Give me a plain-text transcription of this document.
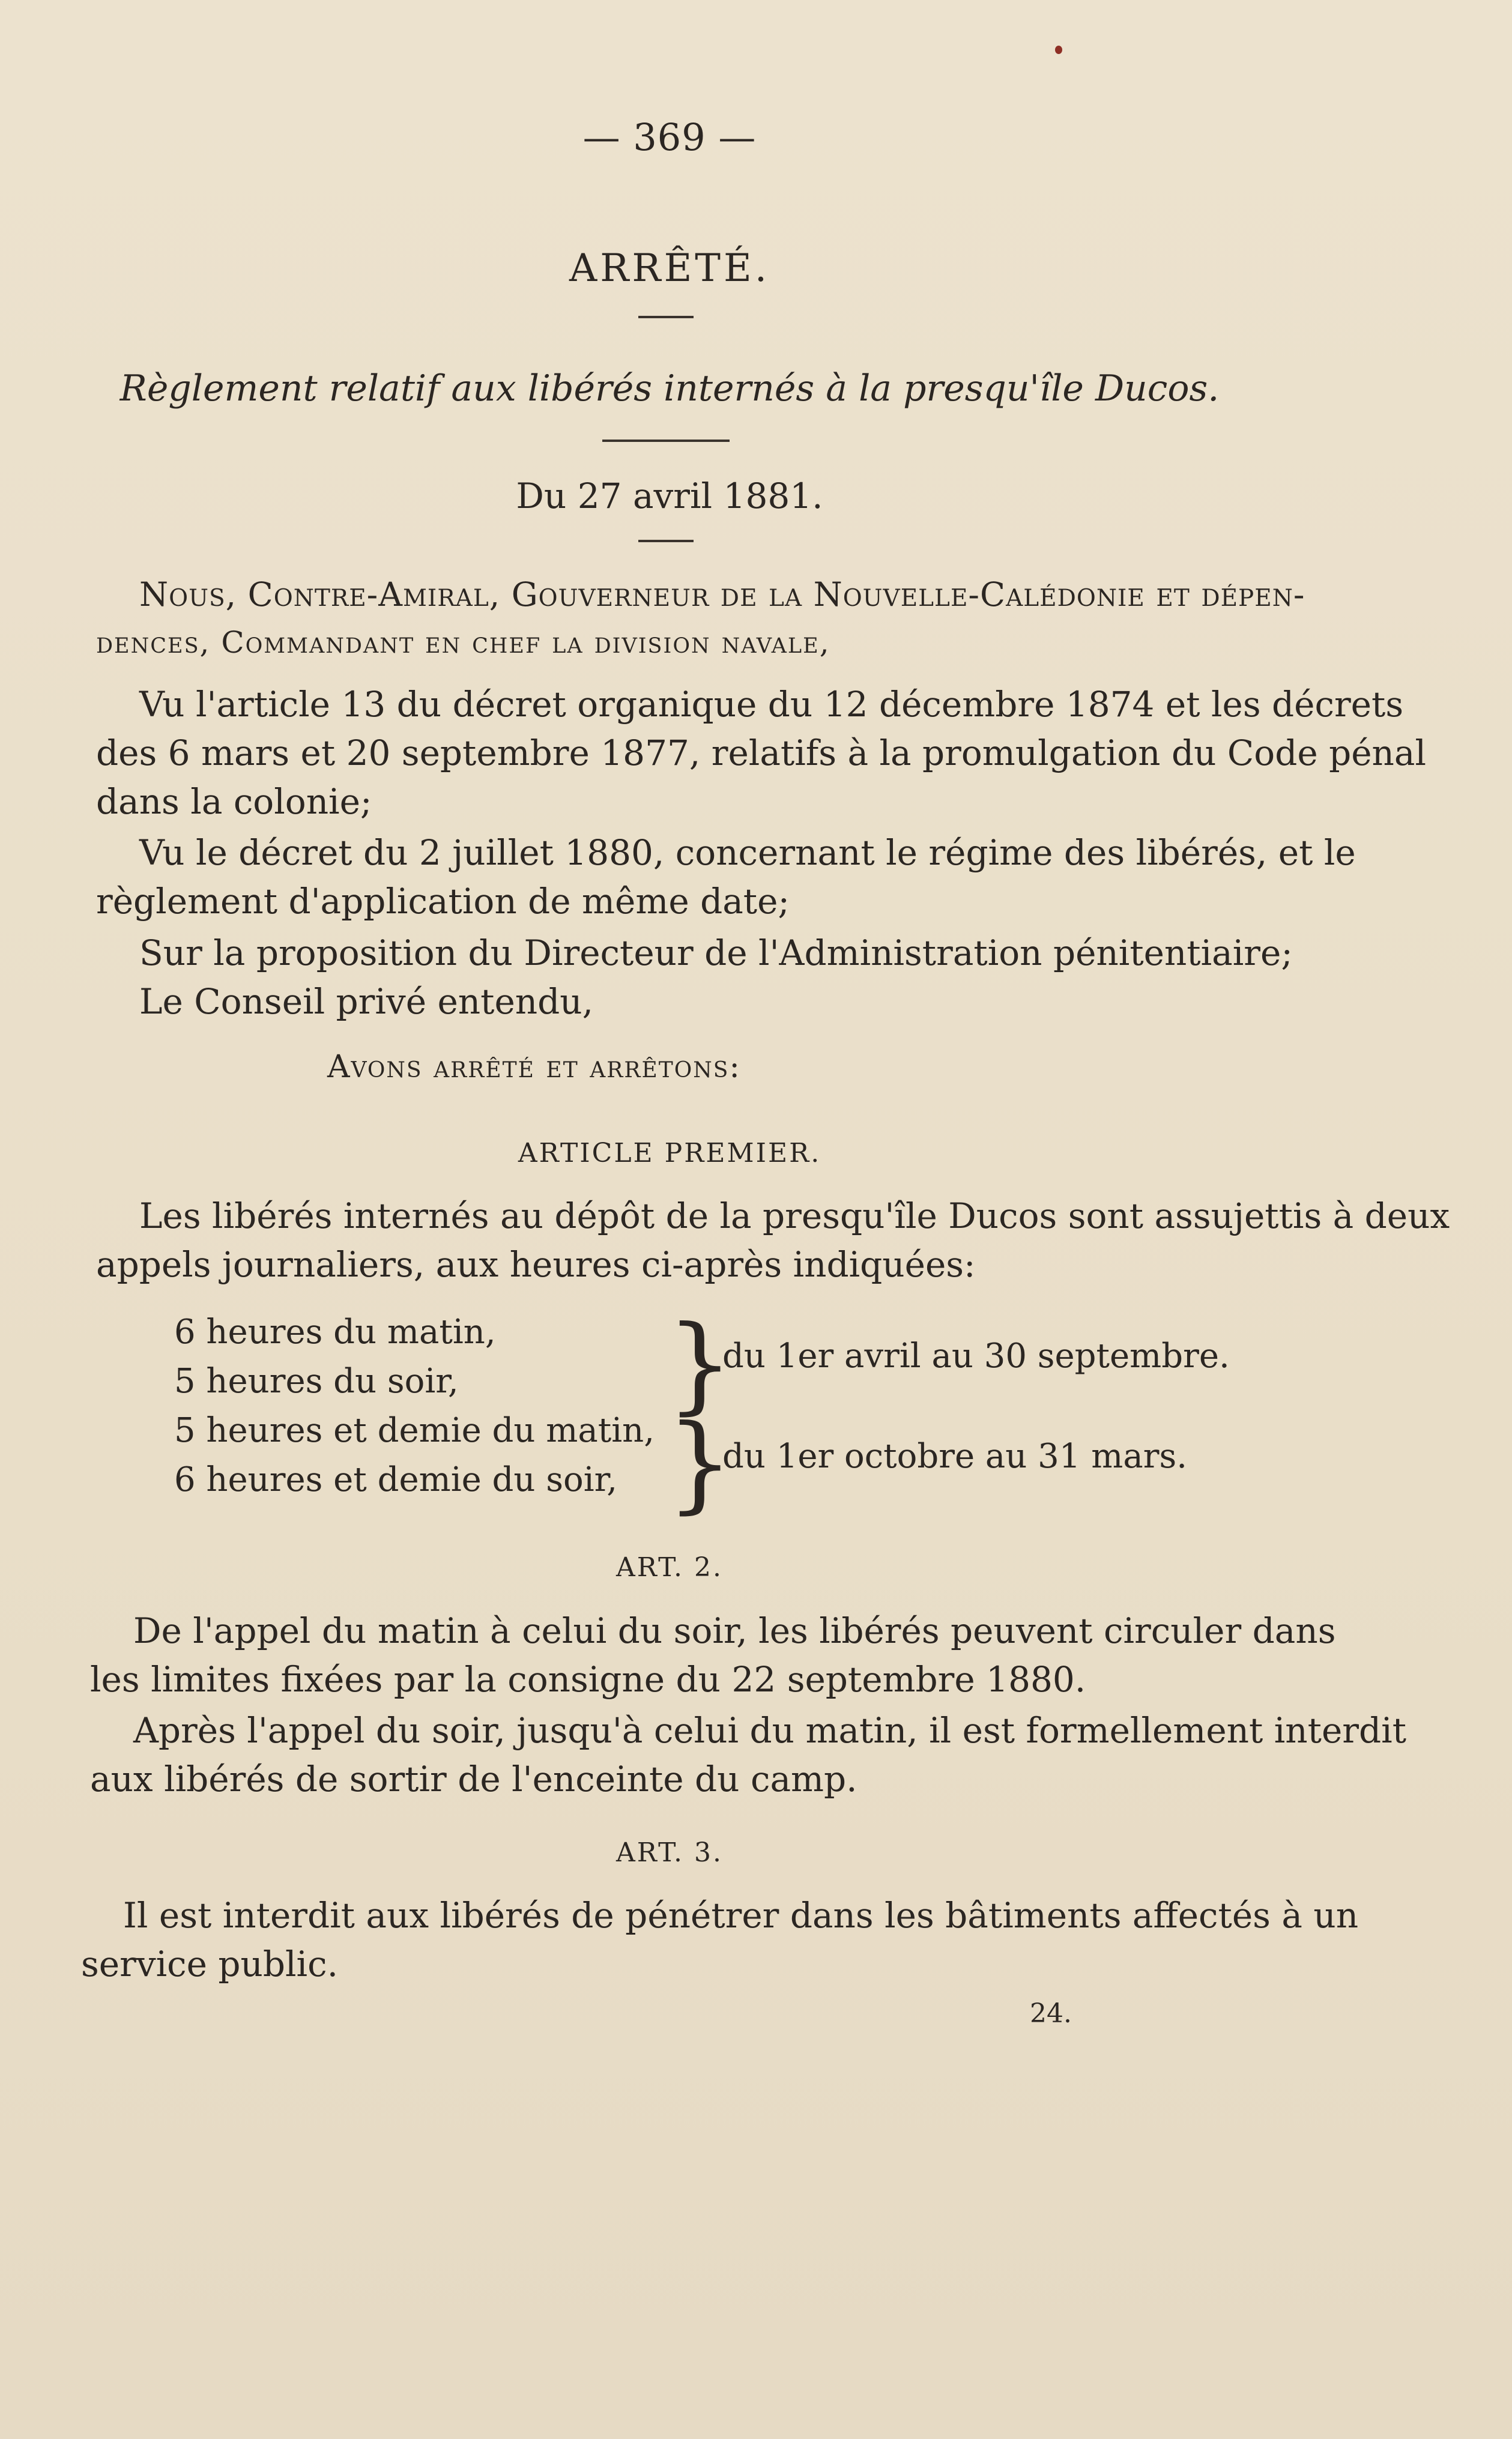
— 369 —
ARRÊTÉ.
Règlement relatif aux libérés internés à la presqu'île Ducos.
Du 27 avril 1881.
Nous, Contre-Amiral, Gouverneur de la Nouvelle-Calédonie et dépen-
dences, Commandant en chef la division navale,
Vu l'article 13 du décret organique du 12 décembre 1874 et les décrets
des 6 mars et 20 septembre 1877, relatifs à la promulgation du Code pénal
dans la colonie;
Vu le décret du 2 juillet 1880, concernant le régime des libérés, et le
règlement d'application de même date;
Sur la proposition du Directeur de l'Administration pénitentiaire;
Le Conseil privé entendu,
Avons arrêté et arrêtons:
ARTICLE PREMIER.
Les libérés internés au dépôt de la presqu'île Ducos sont assujettis à deux
appels journaliers, aux heures ci-après indiquées:
6 heures du matin,
5 heures du soir, }
du 1er avril au 30 septembre.
5 heures et demie du matin,
6 heures et demie du soir, }
du 1er octobre au 31 mars.
ART. 2.
De l'appel du matin à celui du soir, les libérés peuvent circuler dans
les limites fixées par la consigne du 22 septembre 1880.
Après l'appel du soir, jusqu'à celui du matin, il est formellement interdit
aux libérés de sortir de l'enceinte du camp.
ART. 3.
Il est interdit aux libérés de pénétrer dans les bâtiments affectés à un
service public.
24.
